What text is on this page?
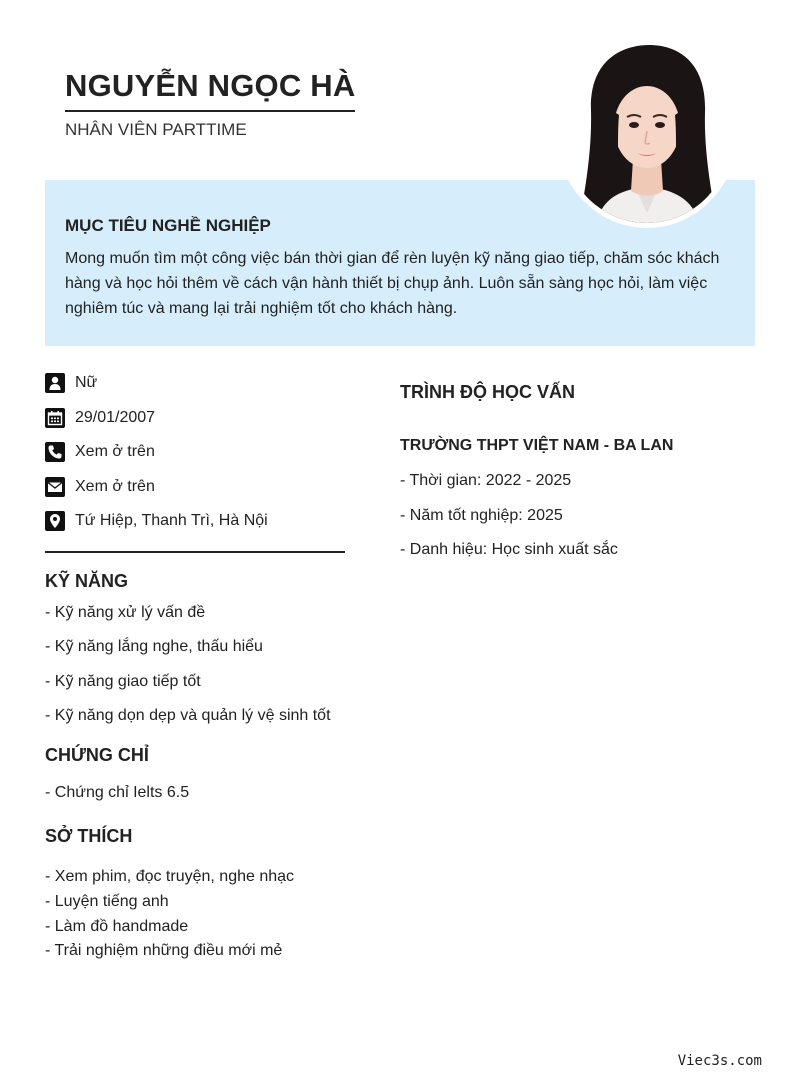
NGUYỄN NGỌC HÀ
NHÂN VIÊN PARTTIME
MỤC TIÊU NGHỀ NGHIỆP

Mong muốn tìm một công việc bán thời gian để rèn luyện kỹ năng giao tiếp, chăm sóc khách hàng và học hỏi thêm về cách vận hành thiết bị chụp ảnh. Luôn sẵn sàng học hỏi, làm việc nghiêm túc và mang lại trải nghiệm tốt cho khách hàng.

Nữ
29/01/2007
Xem ở trên
Xem ở trên
Tứ Hiệp, Thanh Trì, Hà Nội
KỸ NĂNG
- Kỹ năng xử lý vấn đề
- Kỹ năng lắng nghe, thấu hiểu
- Kỹ năng giao tiếp tốt
- Kỹ năng dọn dẹp và quản lý vệ sinh tốt
CHỨNG CHỈ
- Chứng chỉ Ielts 6.5
SỞ THÍCH
- Xem phim, đọc truyện, nghe nhạc
- Luyện tiếng anh
- Làm đồ handmade
- Trải nghiệm những điều mới mẻ
TRÌNH ĐỘ HỌC VẤN
TRƯỜNG THPT VIỆT NAM - BA LAN
- Thời gian: 2022 - 2025
- Năm tốt nghiệp: 2025
- Danh hiệu: Học sinh xuất sắc
Viec3s.com
